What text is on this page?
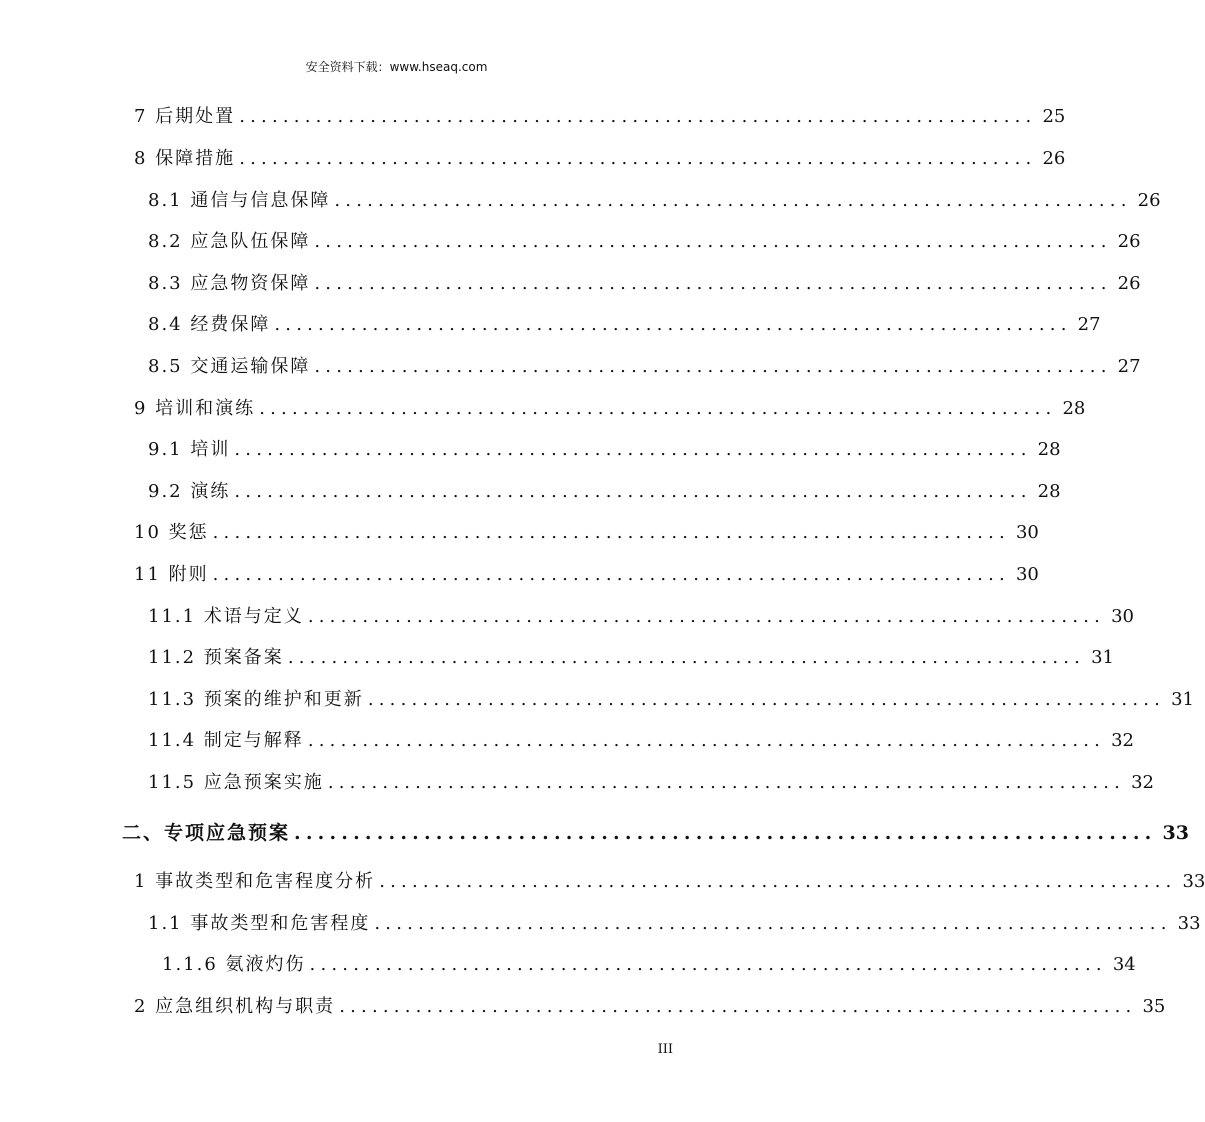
安全资料下载：www.hseaq.com
7 后期处置 ......................................................................... 25
8 保障措施 ......................................................................... 26
8.1 通信与信息保障 ......................................................................... 26
8.2 应急队伍保障 ......................................................................... 26
8.3 应急物资保障 ......................................................................... 26
8.4 经费保障 ......................................................................... 27
8.5 交通运输保障 ......................................................................... 27
9 培训和演练 ......................................................................... 28
9.1 培训 ......................................................................... 28
9.2 演练 ......................................................................... 28
10 奖惩 ......................................................................... 30
11 附则 ......................................................................... 30
11.1 术语与定义 ......................................................................... 30
11.2 预案备案 ......................................................................... 31
11.3 预案的维护和更新 ......................................................................... 31
11.4 制定与解释 ......................................................................... 32
11.5 应急预案实施 ......................................................................... 32
二、专项应急预案 ......................................................................... 33
1 事故类型和危害程度分析 ......................................................................... 33
1.1 事故类型和危害程度 ......................................................................... 33
1.1.6 氨液灼伤 ......................................................................... 34
2 应急组织机构与职责 ......................................................................... 35
III
